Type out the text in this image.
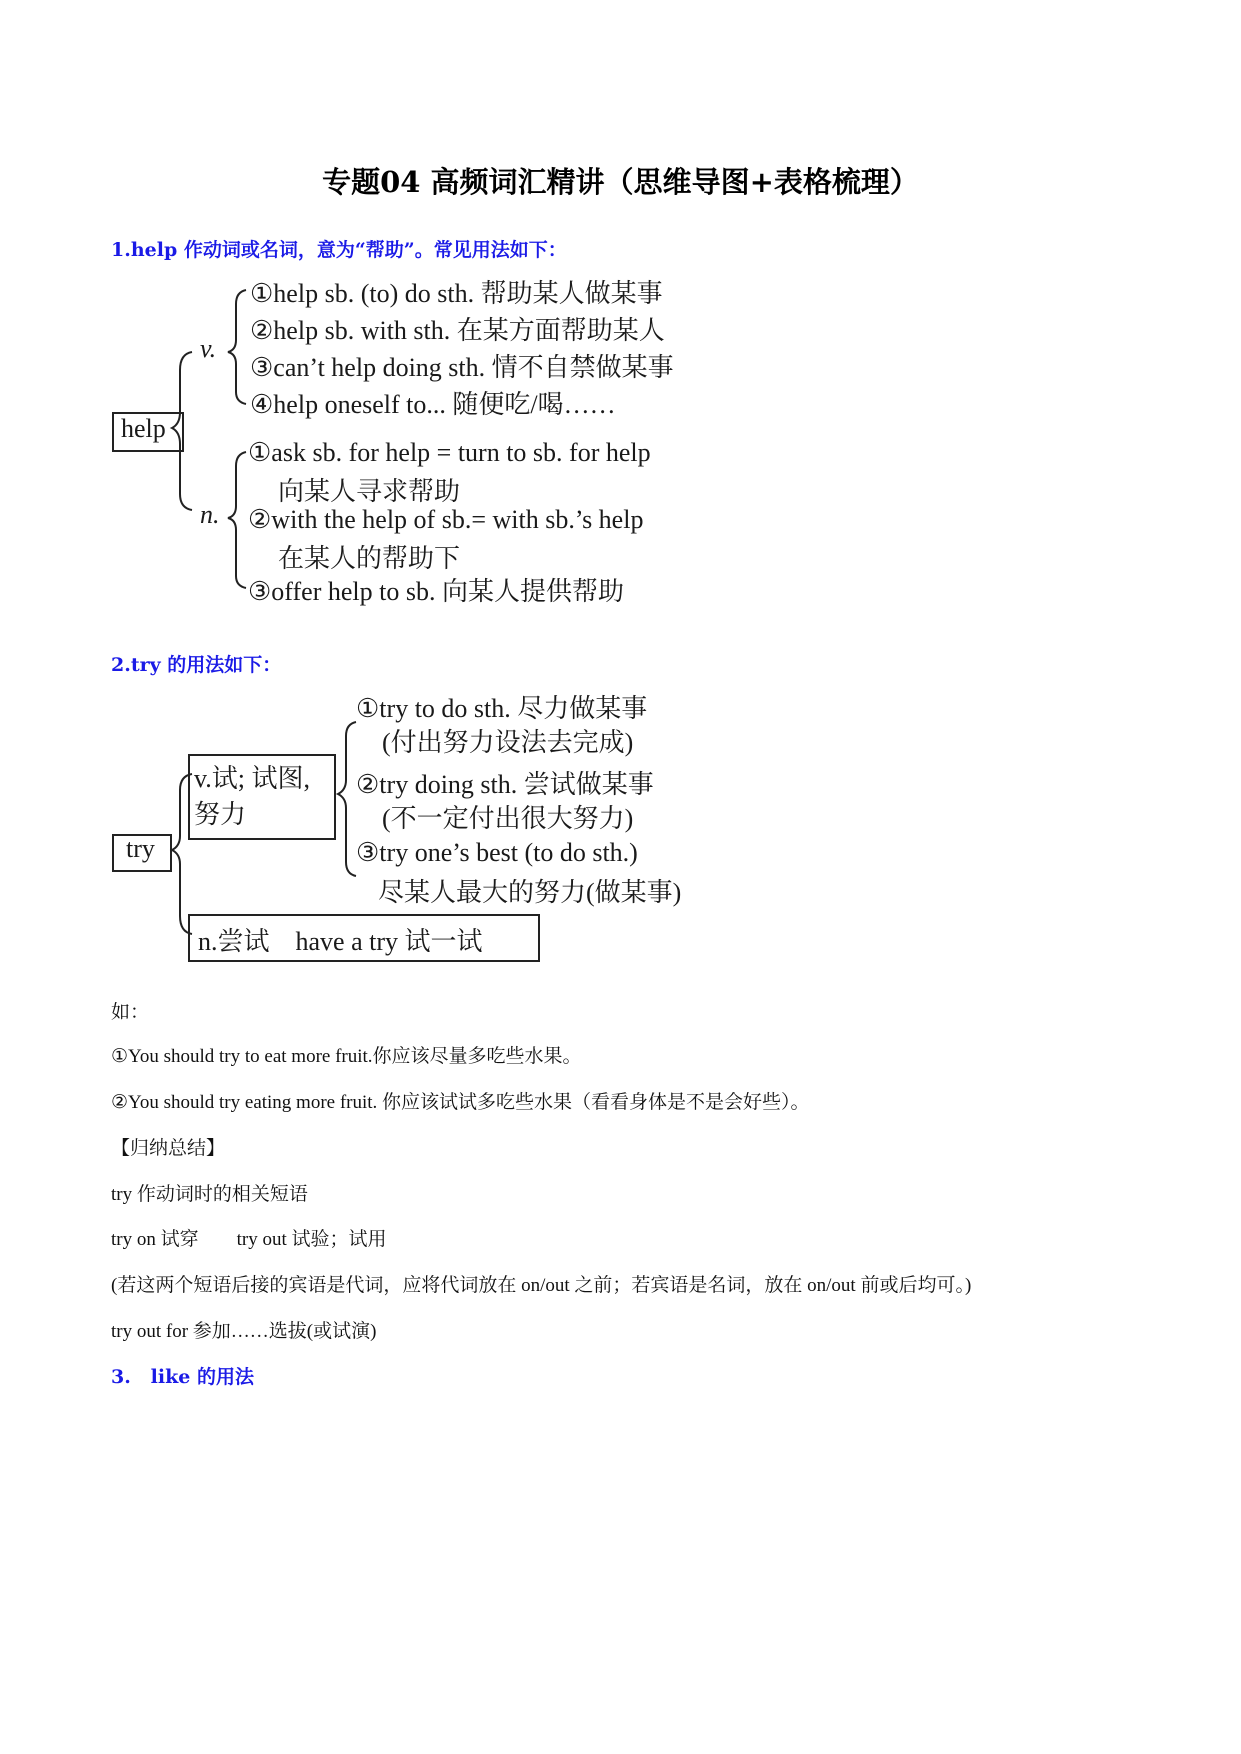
专题04 高频词汇精讲（思维导图+表格梳理）
1.help 作动词或名词，意为“帮助”。常见用法如下：
help
v.
①help sb. (to) do sth. 帮助某人做某事
②help sb. with sth. 在某方面帮助某人
③can’t help doing sth. 情不自禁做某事
④help oneself to... 随便吃/喝……
n.
①ask sb. for help = turn to sb. for help
向某人寻求帮助
②with the help of sb.= with sb.’s help
在某人的帮助下
③offer help to sb. 向某人提供帮助
2.try 的用法如下：
try
v.试; 试图,
努力
①try to do sth. 尽力做某事
(付出努力设法去完成)
②try doing sth. 尝试做某事
(不一定付出很大努力)
③try one’s best (to do sth.)
尽某人最大的努力(做某事)
n.尝试　have a try 试一试
如：
①You should try to eat more fruit.你应该尽量多吃些水果。
②You should try eating more fruit. 你应该试试多吃些水果（看看身体是不是会好些）。
【归纳总结】
try 作动词时的相关短语
try on 试穿　　try out 试验；试用
(若这两个短语后接的宾语是代词，应将代词放在 on/out 之前；若宾语是名词，放在 on/out 前或后均可。)
try out for 参加……选拔(或试演)
3.   like 的用法
